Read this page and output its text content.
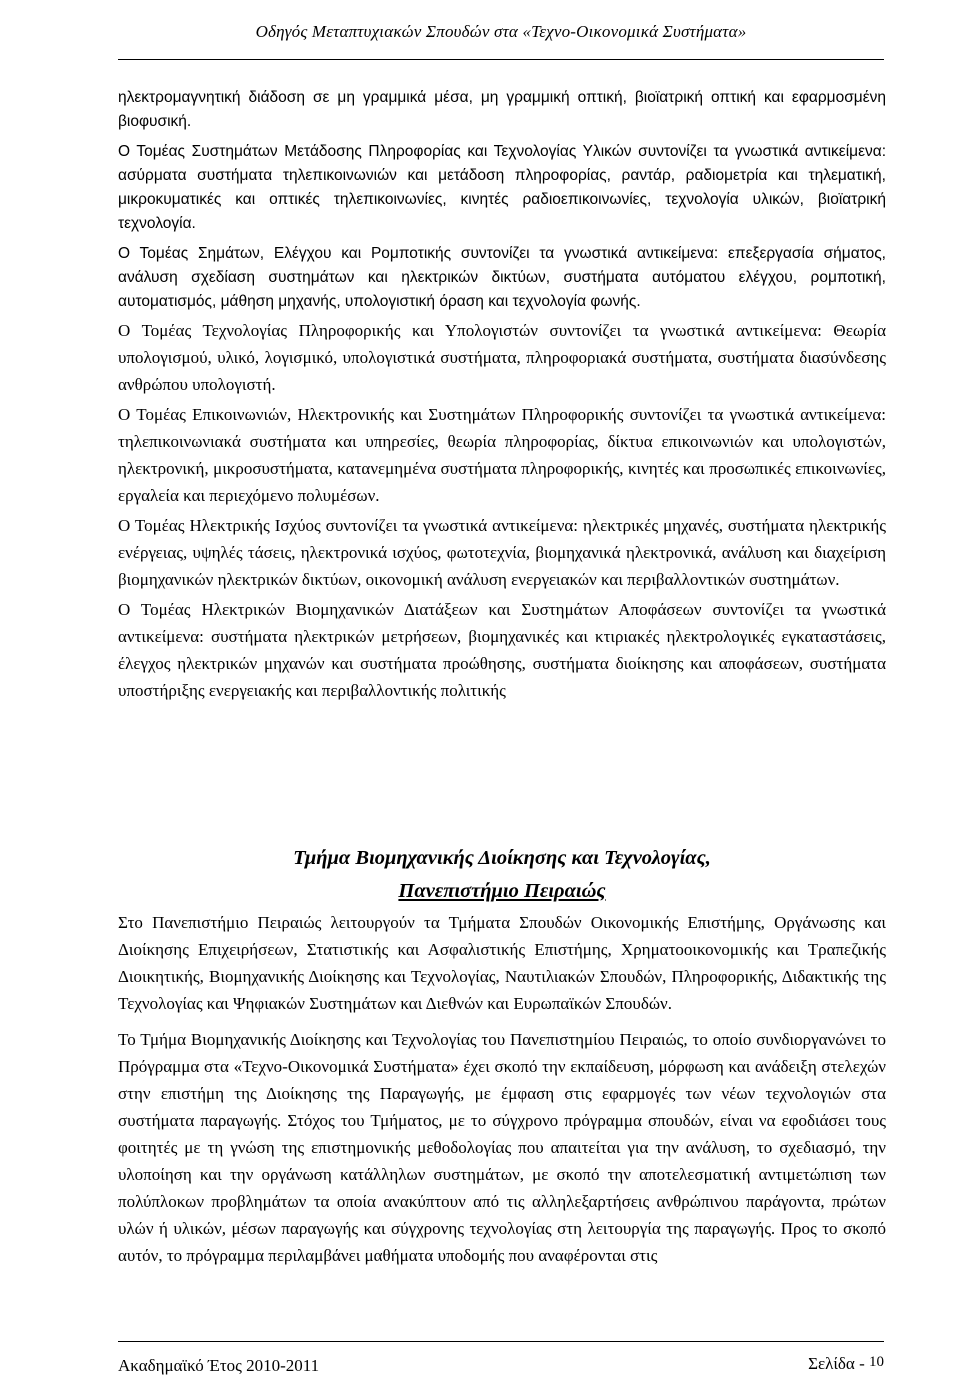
Οδηγός Μεταπτυχιακών Σπουδών στα «Τεχνο-Οικονομικά Συστήματα»

ηλεκτρομαγνητική διάδοση σε μη γραμμικά μέσα, μη γραμμική οπτική, βιοϊατρική οπτική και εφαρμοσμένη βιοφυσική.

Ο Τομέας Συστημάτων Μετάδοσης Πληροφορίας και Τεχνολογίας Υλικών συντονίζει τα γνωστικά αντικείμενα: ασύρματα συστήματα τηλεπικοινωνιών και μετάδοση πληροφορίας, ραντάρ, ραδιομετρία και τηλεματική, μικροκυματικές και οπτικές τηλεπικοινωνίες, κινητές ραδιοεπικοινωνίες, τεχνολογία υλικών, βιοϊατρική τεχνολογία.

Ο Τομέας Σημάτων, Ελέγχου και Ρομποτικής συντονίζει τα γνωστικά αντικείμενα: επεξεργασία σήματος, ανάλυση σχεδίαση συστημάτων και ηλεκτρικών δικτύων, συστήματα αυτόματου ελέγχου, ρομποτική, αυτοματισμός, μάθηση μηχανής, υπολογιστική όραση και τεχνολογία φωνής.

Ο Τομέας Τεχνολογίας Πληροφορικής και Υπολογιστών συντονίζει τα γνωστικά αντικείμενα: Θεωρία υπολογισμού, υλικό, λογισμικό, υπολογιστικά συστήματα, πληροφοριακά συστήματα, συστήματα διασύνδεσης ανθρώπου υπολογιστή.

Ο Τομέας Επικοινωνιών, Ηλεκτρονικής και Συστημάτων Πληροφορικής συντονίζει τα γνωστικά αντικείμενα: τηλεπικοινωνιακά συστήματα και υπηρεσίες, θεωρία πληροφορίας, δίκτυα επικοινωνιών και υπολογιστών, ηλεκτρονική, μικροσυστήματα, κατανεμημένα συστήματα πληροφορικής, κινητές και προσωπικές επικοινωνίες, εργαλεία και περιεχόμενο πολυμέσων.

Ο Τομέας Ηλεκτρικής Ισχύος συντονίζει τα γνωστικά αντικείμενα: ηλεκτρικές μηχανές, συστήματα ηλεκτρικής ενέργειας, υψηλές τάσεις, ηλεκτρονικά ισχύος, φωτοτεχνία, βιομηχανικά ηλεκτρονικά, ανάλυση και διαχείριση βιομηχανικών ηλεκτρικών δικτύων, οικονομική ανάλυση ενεργειακών και περιβαλλοντικών συστημάτων.

Ο Τομέας Ηλεκτρικών Βιομηχανικών Διατάξεων και Συστημάτων Αποφάσεων συντονίζει τα γνωστικά αντικείμενα: συστήματα ηλεκτρικών μετρήσεων, βιομηχανικές και κτιριακές ηλεκτρολογικές εγκαταστάσεις, έλεγχος ηλεκτρικών μηχανών και συστήματα προώθησης, συστήματα διοίκησης και αποφάσεων, συστήματα υποστήριξης ενεργειακής και περιβαλλοντικής πολιτικής

Τμήμα Βιομηχανικής Διοίκησης και Τεχνολογίας,

Πανεπιστήμιο Πειραιώς

Στο Πανεπιστήμιο Πειραιώς λειτουργούν τα Τμήματα Σπουδών Οικονομικής Επιστήμης, Οργάνωσης και Διοίκησης Επιχειρήσεων, Στατιστικής και Ασφαλιστικής Επιστήμης, Χρηματοοικονομικής και Τραπεζικής Διοικητικής, Βιομηχανικής Διοίκησης και Τεχνολογίας, Ναυτιλιακών Σπουδών, Πληροφορικής, Διδακτικής της Τεχνολογίας και Ψηφιακών Συστημάτων και Διεθνών και Ευρωπαϊκών Σπουδών.

Το Τμήμα Βιομηχανικής Διοίκησης και Τεχνολογίας του Πανεπιστημίου Πειραιώς, το οποίο συνδιοργανώνει το Πρόγραμμα στα «Τεχνο-Οικονομικά Συστήματα» έχει σκοπό την εκπαίδευση, μόρφωση και ανάδειξη στελεχών στην επιστήμη της Διοίκησης της Παραγωγής, με έμφαση στις εφαρμογές των νέων τεχνολογιών στα συστήματα παραγωγής. Στόχος του Τμήματος, με το σύγχρονο πρόγραμμα σπουδών, είναι να εφοδιάσει τους φοιτητές με τη γνώση της επιστημονικής μεθοδολογίας που απαιτείται για την ανάλυση, το σχεδιασμό, την υλοποίηση και την οργάνωση κατάλληλων συστημάτων, με σκοπό την αποτελεσματική αντιμετώπιση των πολύπλοκων προβλημάτων τα οποία ανακύπτουν από τις αλληλεξαρτήσεις ανθρώπινου παράγοντα, πρώτων υλών ή υλικών, μέσων παραγωγής και σύγχρονης τεχνολογίας στη λειτουργία της παραγωγής. Προς το σκοπό αυτόν, το πρόγραμμα περιλαμβάνει μαθήματα υποδομής που αναφέρονται στις

Ακαδημαϊκό Έτος 2010-2011	Σελίδα - 10
